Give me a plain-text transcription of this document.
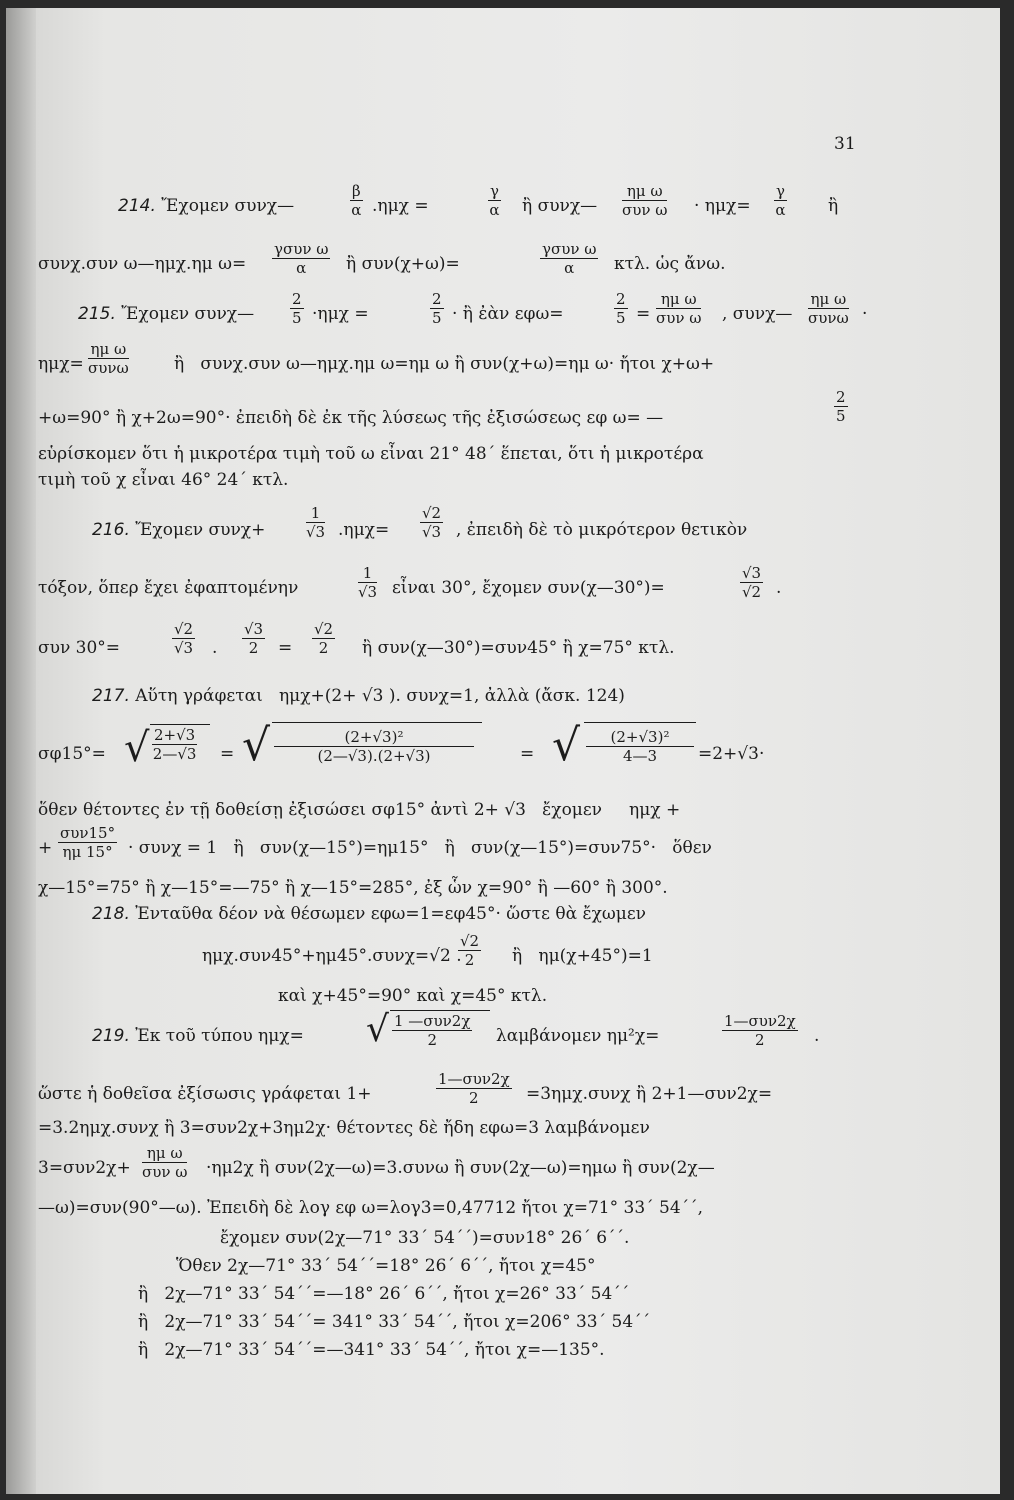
31
214. Ἔχομεν συνχ—	$\frac{\beta}{\alpha} .\eta\mu\chi$ =	$\frac{\gamma}{\alpha}$ ἢ συνχ—
ημ ω
συν $\omega \cdot \eta\mu\chi= \frac{\gamma}{\alpha}$ ἢ
συνχ.συν ω—ημχ.ημ ω=
γσυν ω
α	ἢ συν(χ+ω)=
γσυν ω
α	κτλ. ὡς ἄνω.
215. Ἔχομεν συνχ— $\frac{2}{5} \cdot\eta\mu\chi$ =	$\frac{2}{5}$ · ἢ ἐὰν εφω=	$\frac{2}{5}$ =
ημ ω
συν ω , συνχ—
ημ ω
συνω ·
ημχ=
ημ ω
συνω	ἢ   συνχ.συν ω—ημχ.ημ ω=ημ ω ἢ συν(χ+ω)=ημ ω· ἤτοι χ+ω+
+ω=90° ἢ χ+2ω=90°· ἐπειδὴ δὲ ἐκ τῆς λύσεως τῆς ἐξισώσεως εφ ω= —	$\frac{2}{5}$
εὑρίσκομεν ὅτι ἡ μικροτέρα τιμὴ τοῦ ω εἶναι 21° 48´ ἕπεται, ὅτι ἡ μικροτέρα
τιμὴ τοῦ χ εἶναι 46° 24´ κτλ.
216. Ἔχομεν συνχ+	$\frac{1}{√3} .\eta\mu\chi= \frac{√2}{√3}$ , ἐπειδὴ δὲ τὸ μικρότερον θετικὸν
τόξον, ὅπερ ἔχει ἐφαπτομένην	$\frac{1}{√3}$ εἶναι 30°, ἔχομεν συν(χ—30°)=	$\frac{√3}{√2}$ .
συν 30°=	$\frac{√2}{√3}$ . $\frac{√3}{2} = \frac{√2}{2}$ ἢ συν(χ—30°)=συν45° ἢ χ=75° κτλ.
217. Αὕτη γράφεται   ημχ+(2+ √3 ). συνχ=1, ἀλλὰ (ἄσκ. 124)
σφ15°= √ $\frac{2+√3}{2—√3}$ = √ $\frac{\text{(2+√3)²}}{(2—√3).(2+√3)}$	= √ $\frac{\text{(2+√3)²}}{4—3} =2+√3\cdot$
ὅθεν θέτοντες ἐν τῇ δοθείσῃ ἐξισώσει σφ15° ἀντὶ 2+ √3   ἔχομεν     ημχ +
+
συν15°
ημ 15° · συνχ = 1   ἢ   συν(χ—15°)=ημ15°   ἢ   συν(χ—15°)=συν75°·   ὅθεν
χ—15°=75° ἢ χ—15°=—75° ἢ χ—15°=285°, ἐξ ὧν χ=90° ἢ —60° ἢ 300°.
218. Ἐνταῦθα δέον νὰ θέσωμεν εφω=1=εφ45°· ὥστε θὰ ἔχωμεν
ημχ.συν45°+ημ45°.συνχ=√2 .
$\frac{√2}{2}$ ἢ   ημ(χ+45°)=1
καὶ χ+45°=90° καὶ χ=45° κτλ.
219. Ἐκ τοῦ τύπου ημχ= √ 1 —συν2χ
2	λαμβάνομεν ημ²χ=
1—συν2χ
2	.
ὥστε ἡ δοθεῖσα ἐξίσωσις γράφεται 1+
1—συν2χ
2	=3ημχ.συνχ ἢ 2+1—συν2χ=
=3.2ημχ.συνχ ἢ 3=συν2χ+3ημ2χ· θέτοντες δὲ ἤδη εφω=3 λαμβάνομεν
3=συν2χ+
ημ ω
συν ω ·ημ2χ ἢ συν(2χ—ω)=3.συνω ἢ συν(2χ—ω)=ημω ἢ συν(2χ—
—ω)=συν(90°—ω). Ἐπειδὴ δὲ λογ εφ ω=λογ3=0,47712 ἤτοι χ=71° 33´ 54´´,
ἔχομεν συν(2χ—71° 33´ 54´´)=συν18° 26´ 6´´.
Ὅθεν 2χ—71° 33´ 54´´=18° 26´ 6´´, ἤτοι χ=45°
ἢ   2χ—71° 33´ 54´´=—18° 26´ 6´´, ἤτοι χ=26° 33´ 54´´
ἢ   2χ—71° 33´ 54´´= 341° 33´ 54´´, ἤτοι χ=206° 33´ 54´´
ἢ   2χ—71° 33´ 54´´=—341° 33´ 54´´, ἤτοι χ=—135°.
